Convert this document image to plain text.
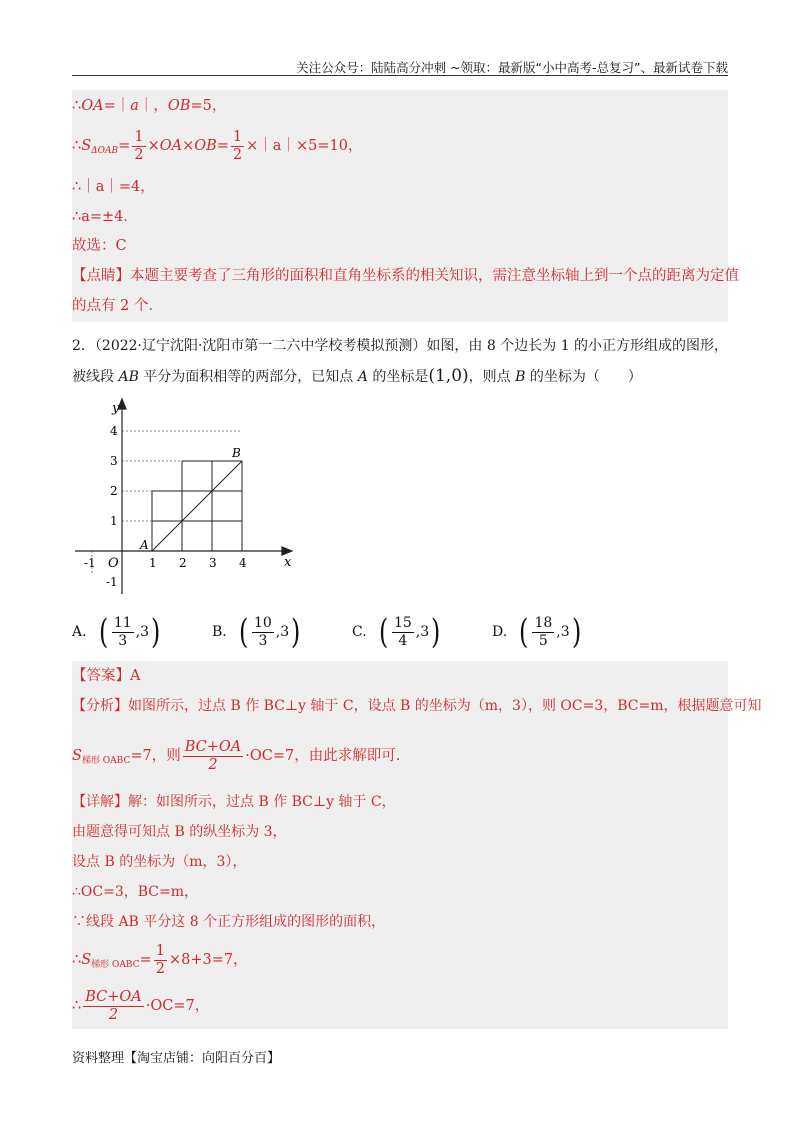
关注公众号：陆陆高分冲刺 ~领取：最新版“小中高考-总复习”、最新试卷下载
∴OA=｜a｜，OB=5，
$\therefore S_{\Delta OAB}= \frac{1}{2} \times OA\times OB= \frac{1}{2}$ ×｜a｜×5=10，
∴｜a｜=4，
∴a=±4．
故选：C
【点睛】本题主要考查了三角形的面积和直角坐标系的相关知识，需注意坐标轴上到一个点的距离为定值
的点有 2 个．
2．（2022·辽宁沈阳·沈阳市第一二六中学校考模拟预测）如图，由 8 个边长为 1 的小正方形组成的图形，
被线段 AB 平分为面积相等的两部分，已知点 A 的坐标是(1,0)，则点 B 的坐标为（　　）
y
x
O
A
B
-1	1 2 3 4
4
3
2
1
-1
A. ( $\frac{11}{3} ,3$)	B. ( $\frac{10}{3} ,3$)	C. ( $\frac{15}{4} ,3$)	D. ( $\frac{18}{5} ,3$)
【答案】A
【分析】如图所示，过点 B 作 BC⊥y 轴于 C，设点 B 的坐标为（m，3），则 OC=3，BC=m，根据题意可知
$S_{梯形 OABC}=7$，则 $\frac{BC+OA}{2} \cdot OC=7$，由此求解即可.
【详解】解：如图所示，过点 B 作 BC⊥y 轴于 C，
由题意得可知点 B 的纵坐标为 3，
设点 B 的坐标为（m，3），
∴OC=3，BC=m，
∵线段 AB 平分这 8 个正方形组成的图形的面积，
$\therefore S_{梯形 OABC}= \frac{1}{2} \times 8+3=7$，
∴ $\frac{BC+OA}{2} \cdot OC=7$，
资料整理【淘宝店铺：向阳百分百】
